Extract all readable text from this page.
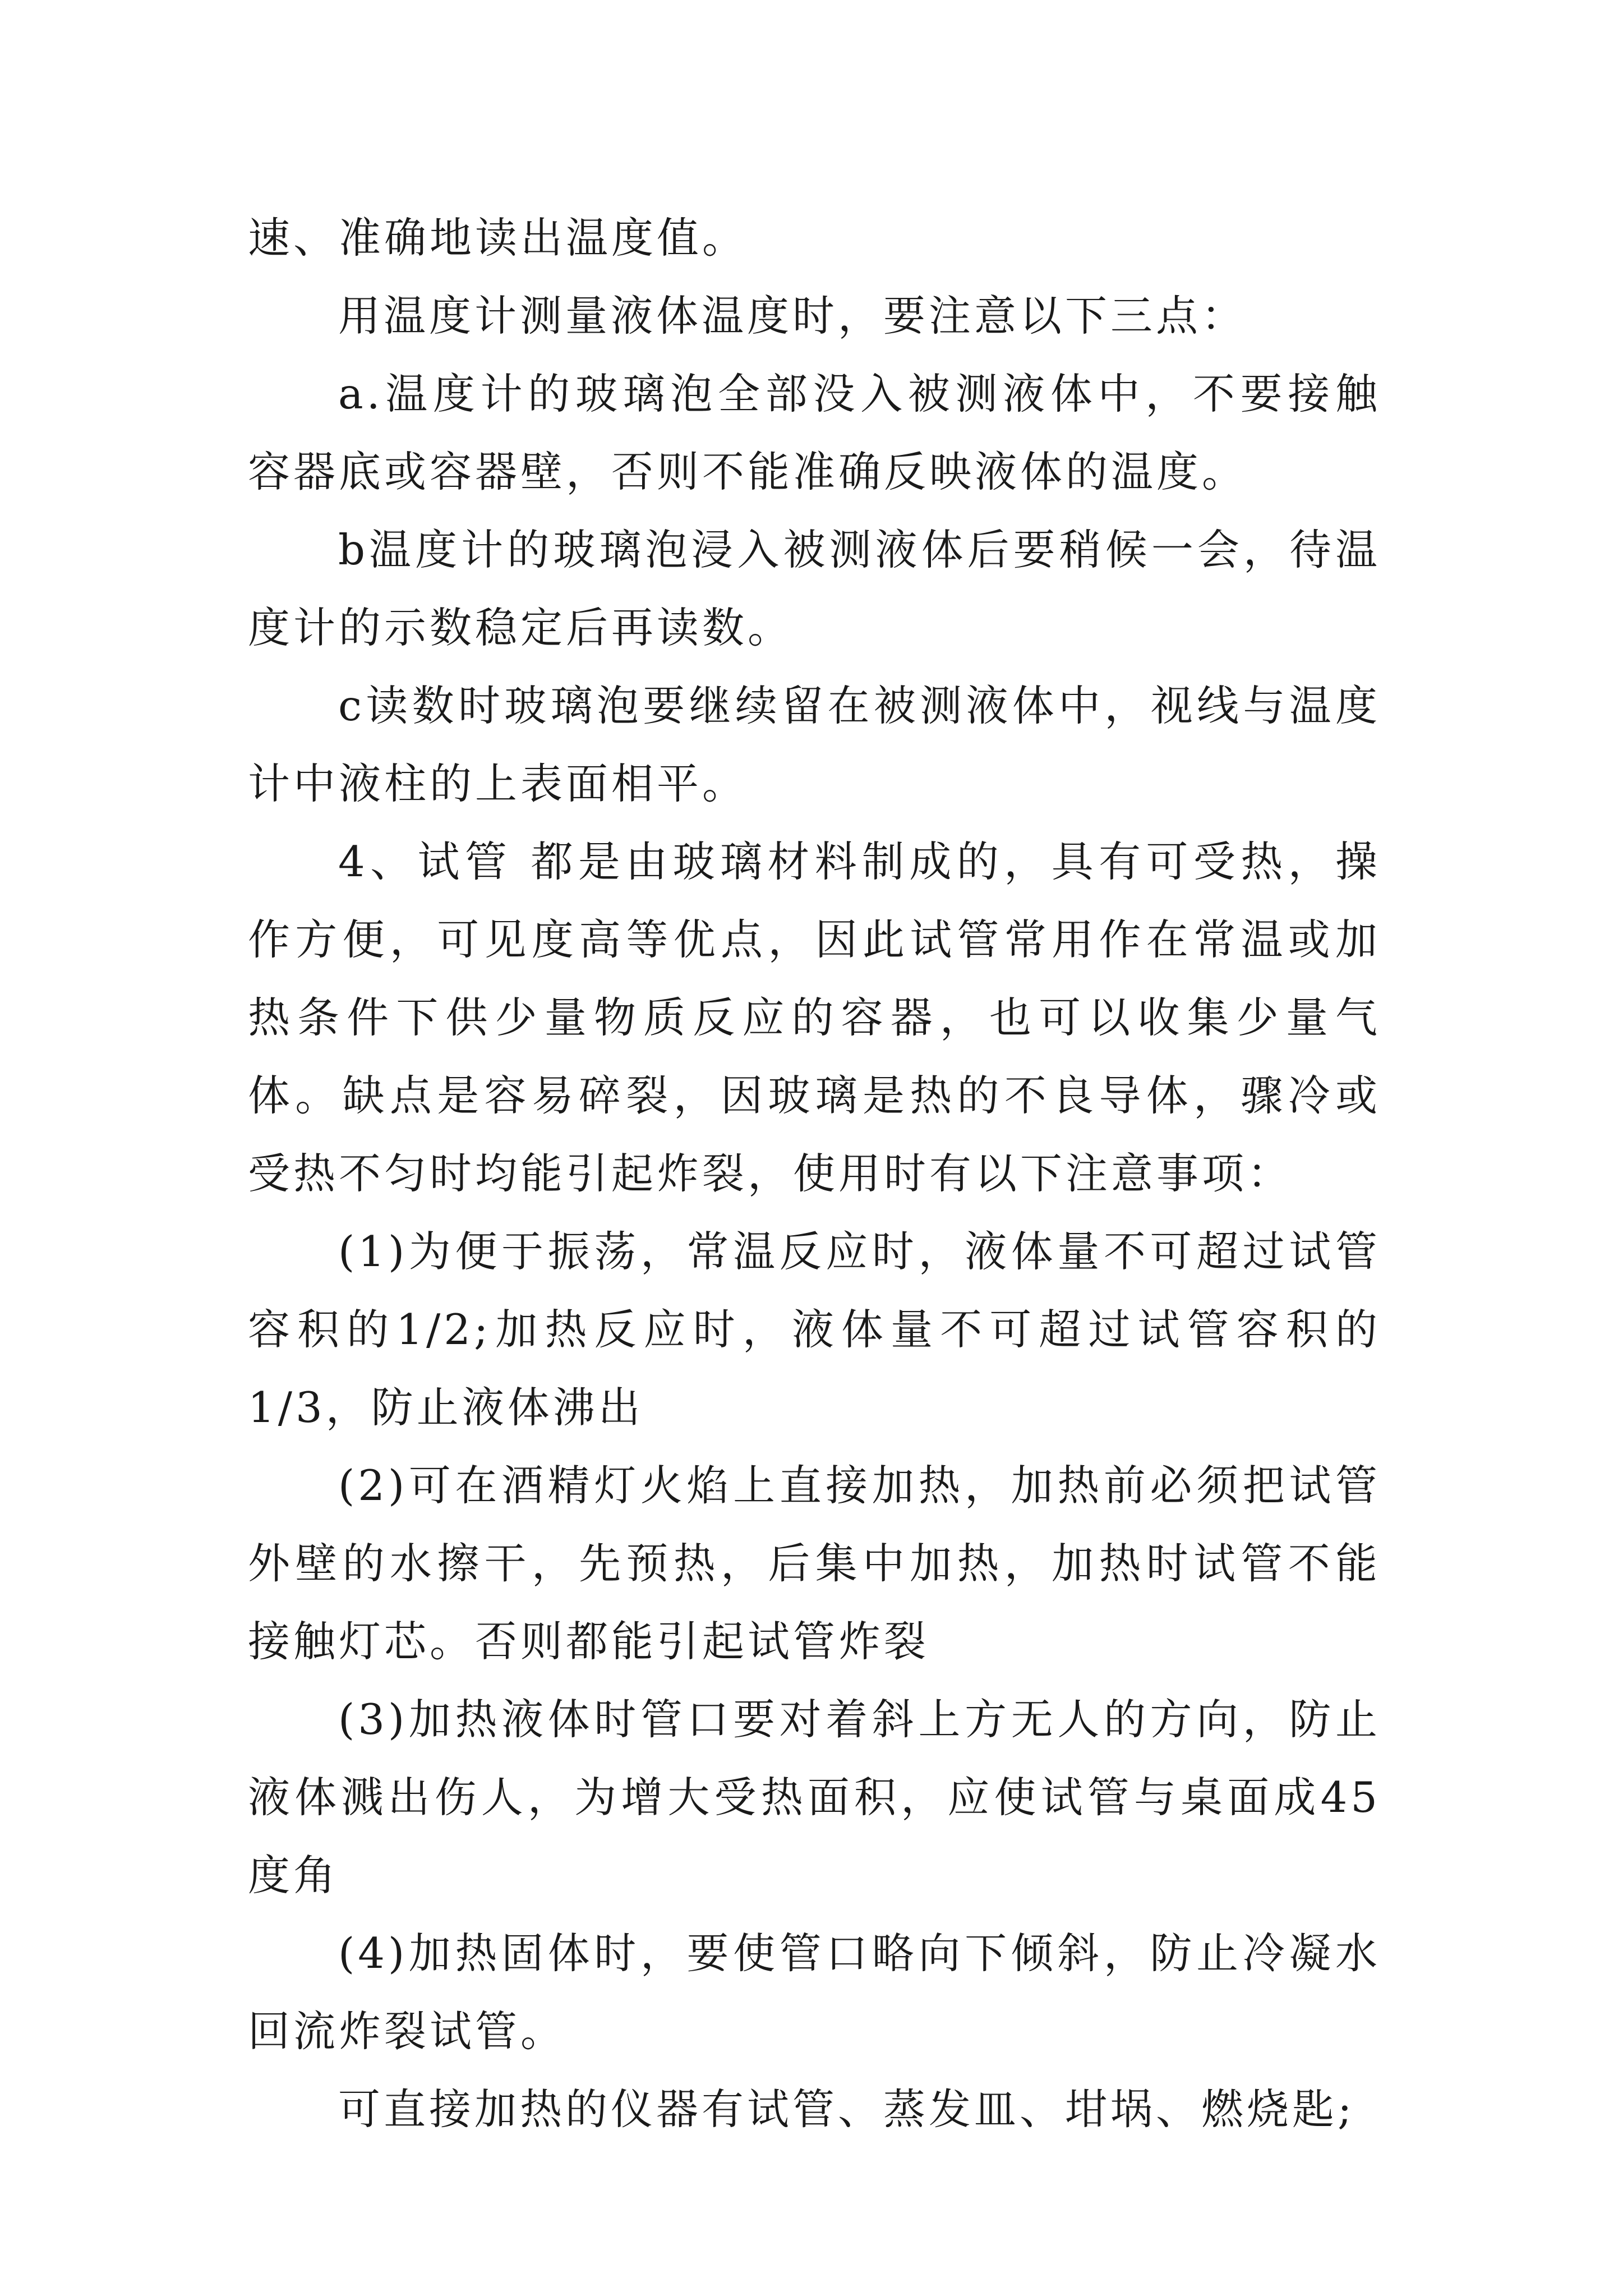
速、准确地读出温度值。

用温度计测量液体温度时，要注意以下三点：

a.温度计的玻璃泡全部没入被测液体中，不要接触容器底或容器壁，否则不能准确反映液体的温度。

b温度计的玻璃泡浸入被测液体后要稍候一会，待温度计的示数稳定后再读数。

c读数时玻璃泡要继续留在被测液体中，视线与温度计中液柱的上表面相平。

4、试管 都是由玻璃材料制成的，具有可受热，操作方便，可见度高等优点，因此试管常用作在常温或加热条件下供少量物质反应的容器，也可以收集少量气体。缺点是容易碎裂，因玻璃是热的不良导体，骤冷或受热不匀时均能引起炸裂，使用时有以下注意事项：

(1)为便于振荡，常温反应时，液体量不可超过试管容积的1/2;加热反应时，液体量不可超过试管容积的1/3，防止液体沸出

(2)可在酒精灯火焰上直接加热，加热前必须把试管外壁的水擦干，先预热，后集中加热，加热时试管不能接触灯芯。否则都能引起试管炸裂

(3)加热液体时管口要对着斜上方无人的方向，防止液体溅出伤人，为增大受热面积，应使试管与桌面成45度角

(4)加热固体时，要使管口略向下倾斜，防止冷凝水回流炸裂试管。

可直接加热的仪器有试管、蒸发皿、坩埚、燃烧匙;
